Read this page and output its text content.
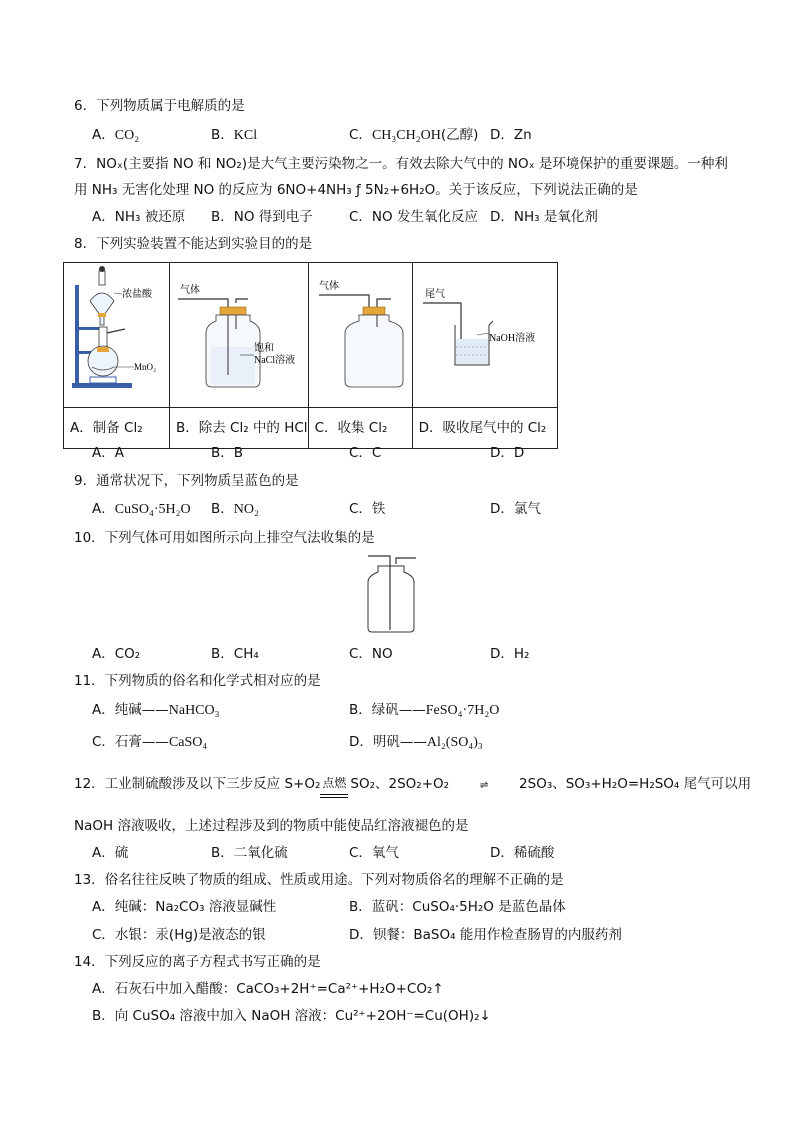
6．下列物质属于电解质的是
A．CO₂	B．KCl	C．CH₃CH₂OH(乙醇) D．Zn
7．NOₓ(主要指 NO 和 NO₂)是大气主要污染物之一。有效去除大气中的 NOₓ 是环境保护的重要课题。一种利
用 NH₃ 无害化处理 NO 的反应为 6NO+4NH₃ ƒ 5N₂+6H₂O。关于该反应，下列说法正确的是
A．NH₃ 被还原 B．NO 得到电子	C．NO 发生氧化反应 D．NH₃ 是氧化剂
8．下列实验装置不能达到实验目的的是
浓盐酸
MnO₂	气体
饱和
NaCl溶液	气体	尾气
NaOH溶液

A．制备 Cl₂	B．除去 Cl₂ 中的 HCl	C．收集 Cl₂	D．吸收尾气中的 Cl₂
A．A	B．B	C．C	D．D
9．通常状况下，下列物质呈蓝色的是
A．CuSO₄·5H₂O B．NO₂	C．铁	D．氯气
10．下列气体可用如图所示向上排空气法收集的是
A．CO₂	B．CH₄	C．NO	D．H₂
11．下列物质的俗名和化学式相对应的是
A．纯碱——NaHCO₃	B．绿矾——FeSO₄·7H₂O
C．石膏——CaSO₄	D．明矾——Al₂(SO₄)₃
12．工业制硫酸涉及以下三步反应 S+O₂ 点燃 SO₂、2SO₂+O₂	⇌ 2SO₃、SO₃+H₂O=H₂SO₄ 尾气可以用
NaOH 溶液吸收，上述过程涉及到的物质中能使品红溶液褪色的是
A．硫	B．二氧化硫	C．氧气	D．稀硫酸
13．俗名往往反映了物质的组成、性质或用途。下列对物质俗名的理解不正确的是
A．纯碱：Na₂CO₃ 溶液显碱性	B．蓝矾：CuSO₄·5H₂O 是蓝色晶体
C．水银：汞(Hg)是液态的银	D．钡餐：BaSO₄ 能用作检查肠胃的内服药剂
14．下列反应的离子方程式书写正确的是
A．石灰石中加入醋酸：CaCO₃+2H⁺=Ca²⁺+H₂O+CO₂↑
B．向 CuSO₄ 溶液中加入 NaOH 溶液：Cu²⁺+2OH⁻=Cu(OH)₂↓
